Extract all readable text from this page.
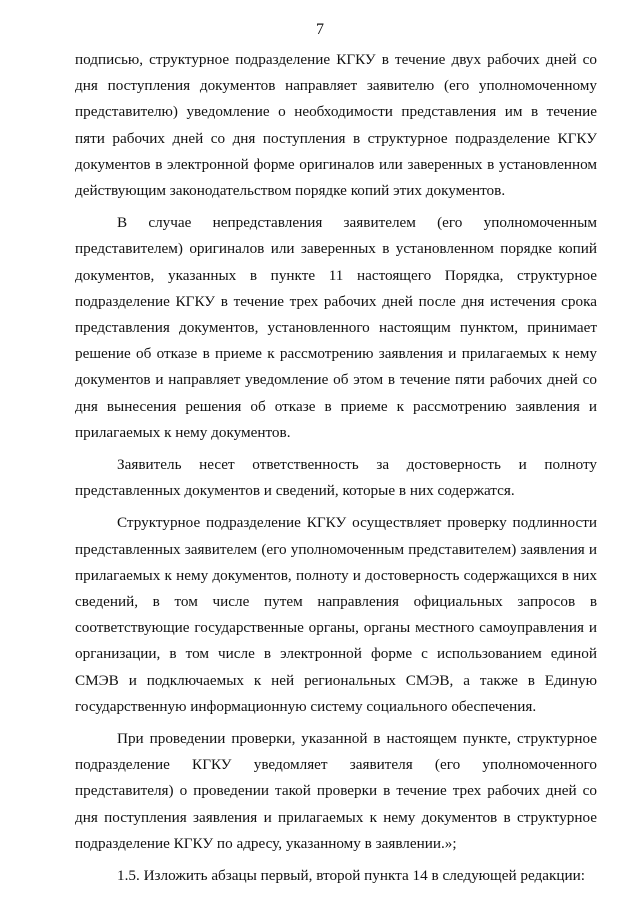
7

подписью, структурное подразделение КГКУ в течение двух рабочих дней со дня поступления документов направляет заявителю (его уполномоченному представителю) уведомление о необходимости представления им в течение пяти рабочих дней со дня поступления в структурное подразделение КГКУ документов в электронной форме оригиналов или заверенных в установленном действующим законодательством порядке копий этих документов.

В случае непредставления заявителем (его уполномоченным представителем) оригиналов или заверенных в установленном порядке копий документов, указанных в пункте 11 настоящего Порядка, структурное подразделение КГКУ в течение трех рабочих дней после дня истечения срока представления документов, установленного настоящим пунктом, принимает решение об отказе в приеме к рассмотрению заявления и прилагаемых к нему документов и направляет уведомление об этом в течение пяти рабочих дней со дня вынесения решения об отказе в приеме к рассмотрению заявления и прилагаемых к нему документов.

Заявитель несет ответственность за достоверность и полноту представленных документов и сведений, которые в них содержатся.

Структурное подразделение КГКУ осуществляет проверку подлинности представленных заявителем (его уполномоченным представителем) заявления и прилагаемых к нему документов, полноту и достоверность содержащихся в них сведений, в том числе путем направления официальных запросов в соответствующие государственные органы, органы местного самоуправления и организации, в том числе в электронной форме с использованием единой СМЭВ и подключаемых к ней региональных СМЭВ, а также в Единую государственную информационную систему социального обеспечения.

При проведении проверки, указанной в настоящем пункте, структурное подразделение КГКУ уведомляет заявителя (его уполномоченного представителя) о проведении такой проверки в течение трех рабочих дней со дня поступления заявления и прилагаемых к нему документов в структурное подразделение КГКУ по адресу, указанному в заявлении.»;

1.5. Изложить абзацы первый, второй пункта 14 в следующей редакции:
